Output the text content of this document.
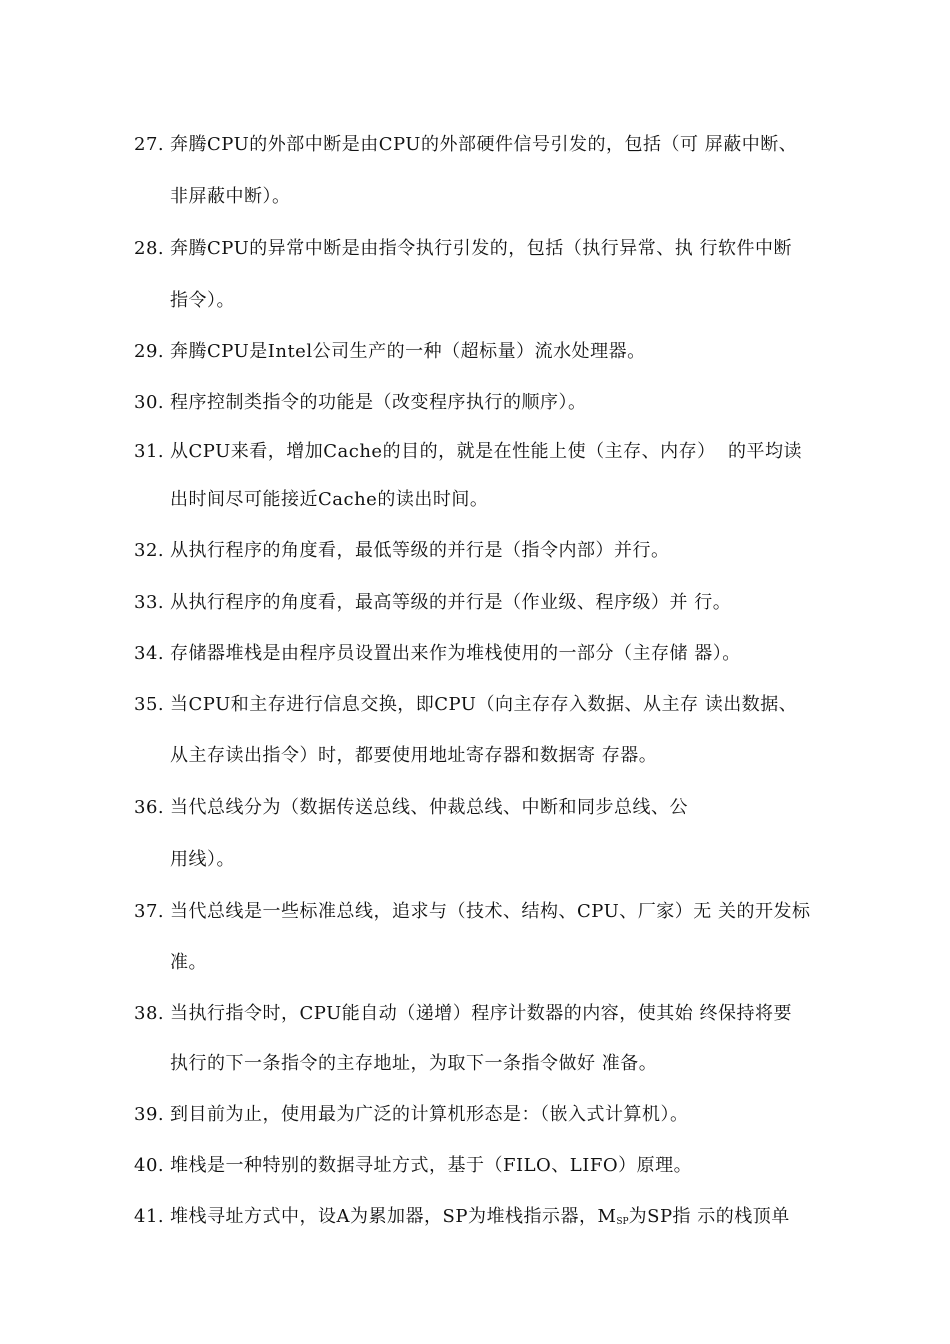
27. 奔腾CPU的外部中断是由CPU的外部硬件信号引发的，包括（可 屏蔽中断、
非屏蔽中断）。
28. 奔腾CPU的异常中断是由指令执行引发的，包括（执行异常、执 行软件中断
指令）。
29. 奔腾CPU是Intel公司生产的一种（超标量）流水处理器。
30. 程序控制类指令的功能是（改变程序执行的顺序）。
31. 从CPU来看，增加Cache的目的，就是在性能上使（主存、内存）  的平均读
出时间尽可能接近Cache的读出时间。
32. 从执行程序的角度看，最低等级的并行是（指令内部）并行。
33. 从执行程序的角度看，最高等级的并行是（作业级、程序级）并 行。
34. 存储器堆栈是由程序员设置出来作为堆栈使用的一部分（主存储 器）。
35. 当CPU和主存进行信息交换，即CPU（向主存存入数据、从主存 读出数据、
从主存读出指令）时，都要使用地址寄存器和数据寄 存器。
36. 当代总线分为（数据传送总线、仲裁总线、中断和同步总线、公
用线）。
37. 当代总线是一些标准总线，追求与（技术、结构、CPU、厂家）无 关的开发标
准。
38. 当执行指令时，CPU能自动（递增）程序计数器的内容，使其始 终保持将要
执行的下一条指令的主存地址，为取下一条指令做好 准备。
39. 到目前为止，使用最为广泛的计算机形态是：（嵌入式计算机）。
40. 堆栈是一种特别的数据寻址方式，基于（FILO、LIFO）原理。
41. 堆栈寻址方式中，设A为累加器，SP为堆栈指示器，$M_{SP}$为SP指 示的栈顶单
